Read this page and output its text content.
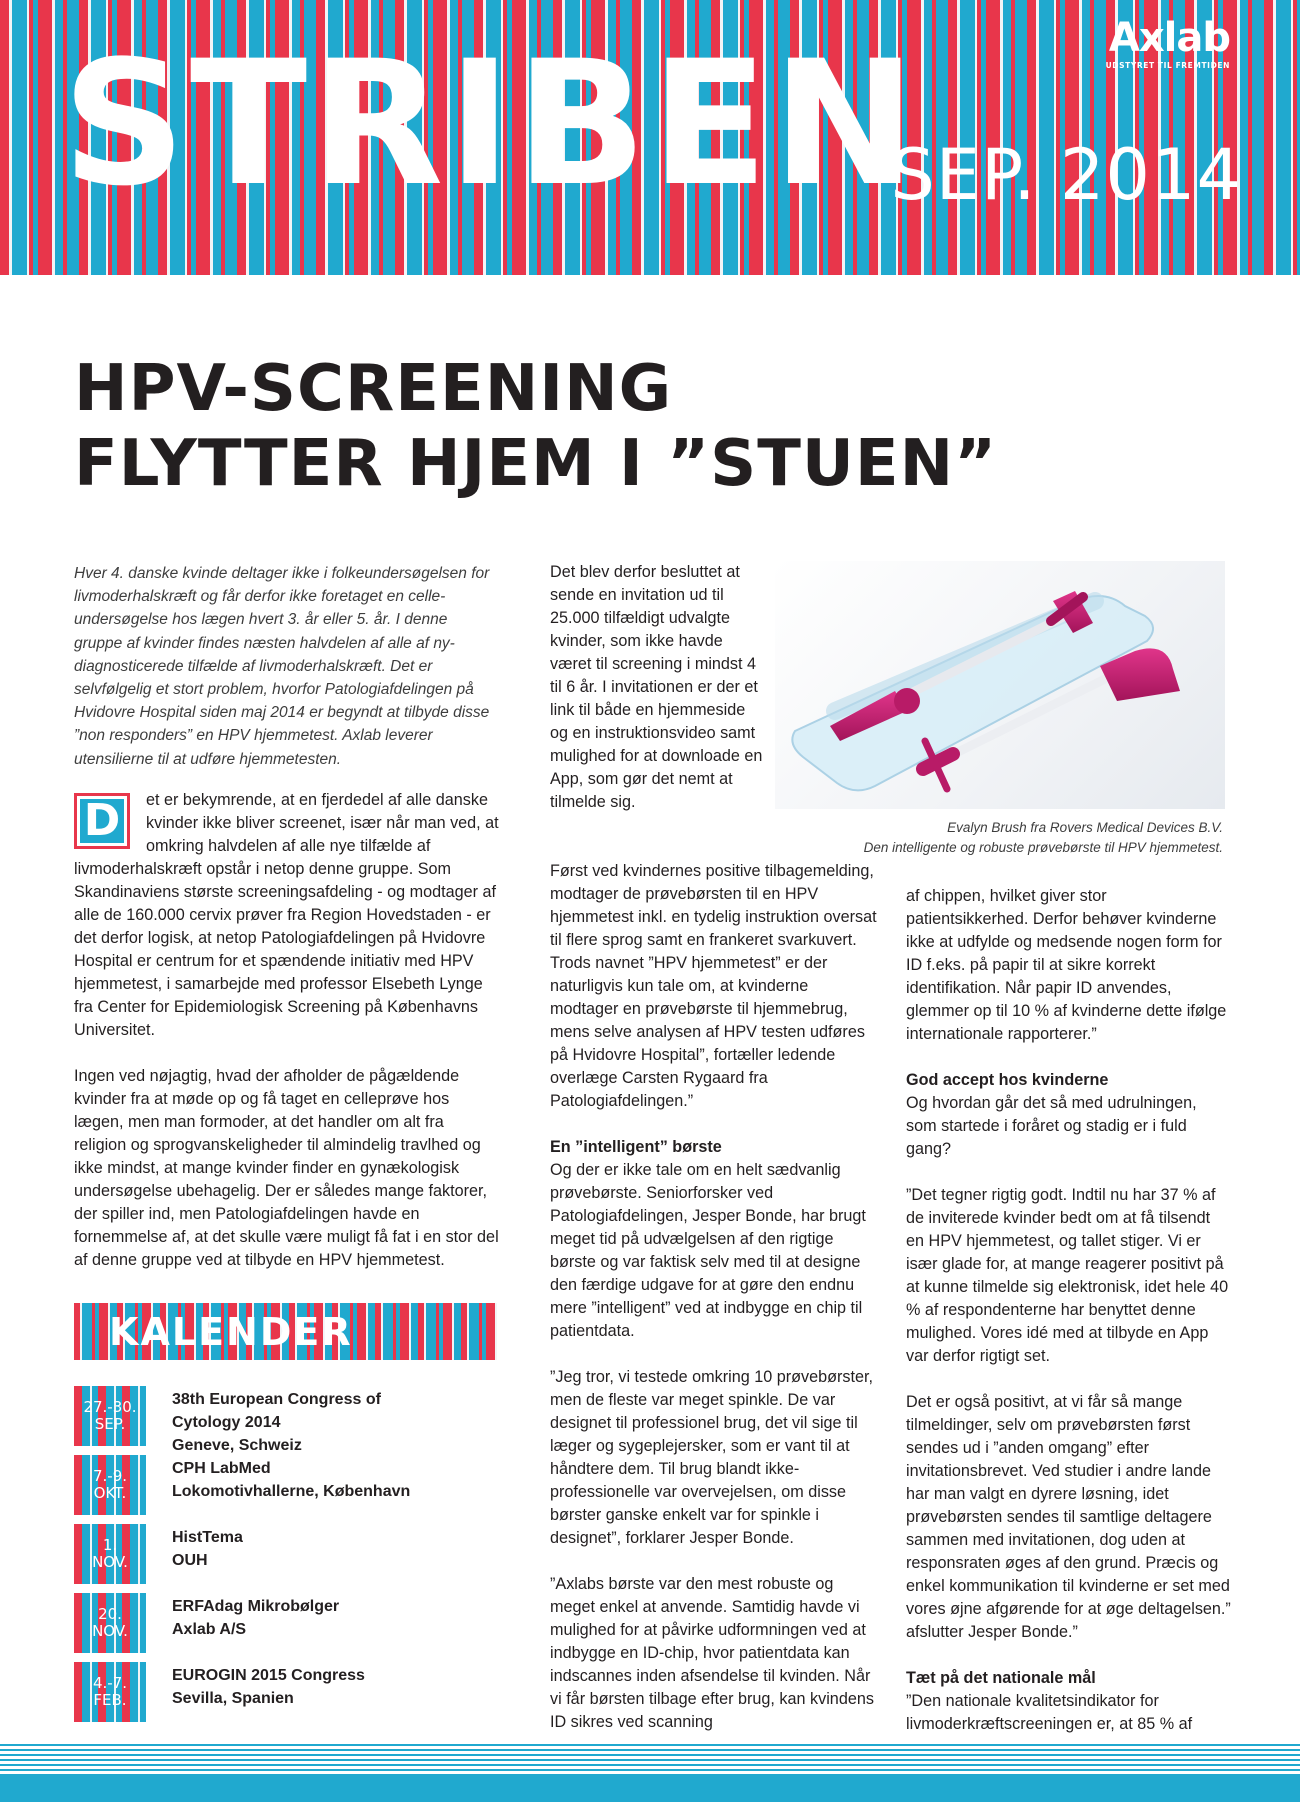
STRIBEN
SEP. 2014
Axlab
UDSTYRET TIL FREMTIDEN
HPV-SCREENING
FLYTTER HJEM I ”STUEN”

Hver 4. danske kvinde deltager ikke i folkeundersøgelsen for livmoderhalskræft og får derfor ikke foretaget en celle-undersøgelse hos lægen hvert 3. år eller 5. år. I denne gruppe af kvinder findes næsten halvdelen af alle af ny-diagnosticerede tilfælde af livmoderhalskræft. Det er selvfølgelig et stort problem, hvorfor Patologiafdelingen på Hvidovre Hospital siden maj 2014 er begyndt at tilbyde disse ”non responders” en HPV hjemmetest. Axlab leverer utensilierne til at udføre hjemmetesten.

D	et er bekymrende, at en fjerdedel af alle danske kvinder ikke bliver screenet, især når man ved, at omkring halvdelen af alle nye tilfælde af livmoderhalskræft opstår i netop denne gruppe. Som Skandinaviens største screeningsafdeling - og modtager af alle de 160.000 cervix prøver fra Region Hovedstaden - er det derfor logisk, at netop Patologiafdelingen på Hvidovre Hospital er centrum for et spændende initiativ med HPV hjemmetest, i samarbejde med professor Elsebeth Lynge fra Center for Epidemiologisk Screening på Københavns Universitet.

Ingen ved nøjagtig, hvad der afholder de pågældende kvinder fra at møde op og få taget en celleprøve hos lægen, men man formoder, at det handler om alt fra religion og sprogvanskeligheder til almindelig travlhed og ikke mindst, at mange kvinder finder en gynækologisk undersøgelse ubehagelig. Der er således mange faktorer, der spiller ind, men Patologiafdelingen havde en fornemmelse af, at det skulle være muligt få fat i en stor del af denne gruppe ved at tilbyde en HPV hjemmetest.

Det blev derfor besluttet at sende en invitation ud til 25.000 tilfældigt udvalgte kvinder, som ikke havde været til screening i mindst 4 til 6 år. I invitationen er der et link til både en hjemmeside og en instruktionsvideo samt mulighed for at downloade en App, som gør det nemt at tilmelde sig.

Evalyn Brush fra Rovers Medical Devices B.V.
Den intelligente og robuste prøvebørste til HPV hjemmetest.

Først ved kvindernes positive tilbagemelding, modtager de prøvebørsten til en HPV hjemmetest inkl. en tydelig instruktion oversat til flere sprog samt en frankeret svarkuvert. Trods navnet ”HPV hjemmetest” er der naturligvis kun tale om, at kvinderne modtager en prøvebørste til hjemmebrug, mens selve analysen af HPV testen udføres på Hvidovre Hospital”, fortæller ledende overlæge Carsten Rygaard fra Patologiafdelingen.”

En ”intelligent” børste

Og der er ikke tale om en helt sædvanlig prøvebørste. Seniorforsker ved Patologiafdelingen, Jesper Bonde, har brugt meget tid på udvælgelsen af den rigtige børste og var faktisk selv med til at designe den færdige udgave for at gøre den endnu mere ”intelligent” ved at indbygge en chip til patientdata.

”Jeg tror, vi testede omkring 10 prøvebørster, men de fleste var meget spinkle. De var designet til professionel brug, det vil sige til læger og sygeplejersker, som er vant til at håndtere dem. Til brug blandt ikke-professionelle var overvejelsen, om disse børster ganske enkelt var for spinkle i designet”, forklarer Jesper Bonde.

”Axlabs børste var den mest robuste og meget enkel at anvende. Samtidig havde vi mulighed for at påvirke udformningen ved at indbygge en ID-chip, hvor patientdata kan indscannes inden afsendelse til kvinden. Når vi får børsten tilbage efter brug, kan kvindens ID sikres ved scanning

af chippen, hvilket giver stor patientsikkerhed. Derfor behøver kvinderne ikke at udfylde og medsende nogen form for ID f.eks. på papir til at sikre korrekt identifikation. Når papir ID anvendes, glemmer op til 10 % af kvinderne dette ifølge internationale rapporterer.”

God accept hos kvinderne

Og hvordan går det så med udrulningen, som startede i foråret og stadig er i fuld gang?

”Det tegner rigtig godt. Indtil nu har 37 % af de inviterede kvinder bedt om at få tilsendt en HPV hjemmetest, og tallet stiger. Vi er især glade for, at mange reagerer positivt på at kunne tilmelde sig elektronisk, idet hele 40 % af respondenterne har benyttet denne mulighed. Vores idé med at tilbyde en App var derfor rigtigt set.

Det er også positivt, at vi får så mange tilmeldinger, selv om prøvebørsten først sendes ud i ”anden omgang” efter invitationsbrevet. Ved studier i andre lande har man valgt en dyrere løsning, idet prøvebørsten sendes til samtlige deltagere sammen med invitationen, dog uden at responsraten øges af den grund. Præcis og enkel kommunikation til kvinderne er set med vores øjne afgørende for at øge deltagelsen.” afslutter Jesper Bonde.”

Tæt på det nationale mål

”Den nationale kvalitetsindikator for livmoderkræftscreeningen er, at 85 % af

KALENDER
27.-30.
SEP.
38th European Congress of
Cytology 2014
Geneve, Schweiz
7.-9.
OKT.
CPH LabMed
Lokomotivhallerne, København
1.
NOV.
HistTema
OUH
20.
NOV.
ERFAdag Mikrobølger
Axlab A/S
4.-7.
FEB.
EUROGIN 2015 Congress
Sevilla, Spanien
